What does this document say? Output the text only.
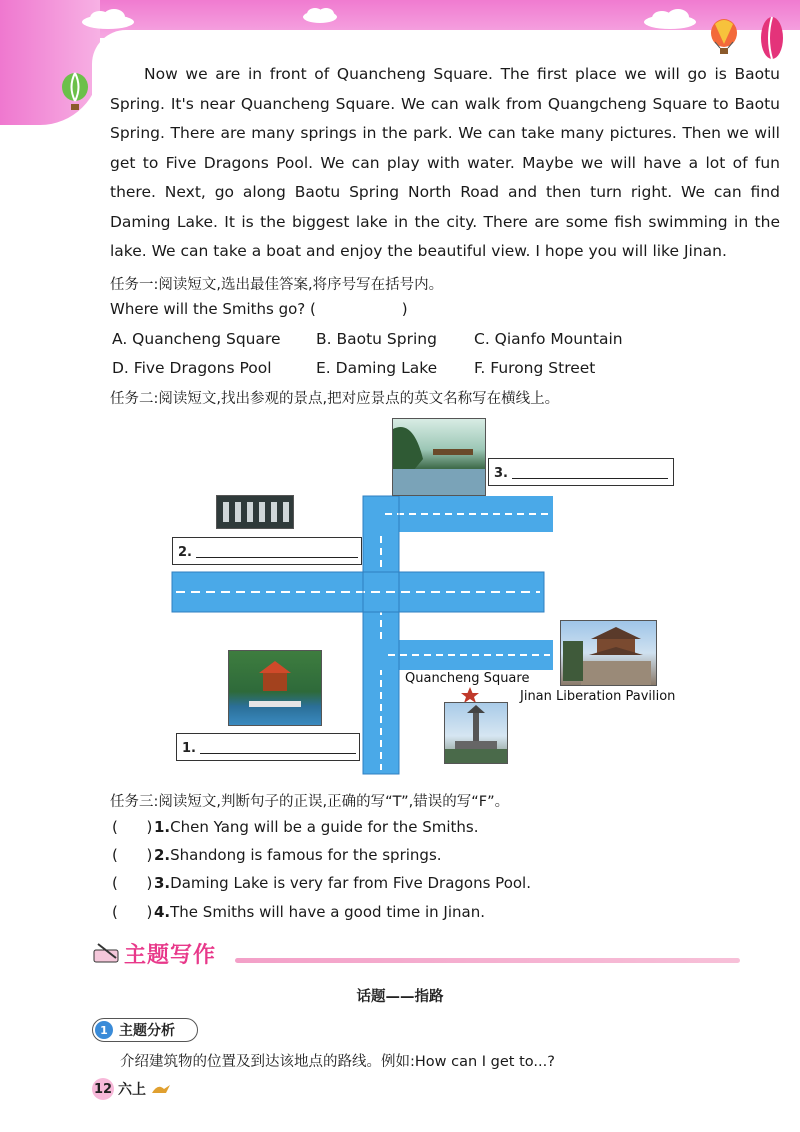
Now we are in front of Quancheng Square. The first place we will go is Baotu Spring. It's near Quancheng Square. We can walk from Quangcheng Square to Baotu Spring. There are many springs in the park. We can take many pictures. Then we will get to Five Dragons Pool. We can play with water. Maybe we will have a lot of fun there. Next, go along Baotu Spring North Road and then turn right. We can find Daming Lake. It is the biggest lake in the city. There are some fish swimming in the lake. We can take a boat and enjoy the beautiful view. I hope you will like Jinan.

任务一:阅读短文,选出最佳答案,将序号写在括号内。
Where will the Smiths go? (                  )
A. Quancheng Square B. Baotu Spring C. Qianfo Mountain
D. Five Dragons Pool	E. Daming Lake F. Furong Street
任务二:阅读短文,找出参观的景点,把对应景点的英文名称写在横线上。
3.
2.
1.
Quancheng Square
Jinan Liberation Pavilion
任务三:阅读短文,判断句子的正误,正确的写“T”,错误的写“F”。
(      ) 1.Chen Yang will be a guide for the Smiths.
(      ) 2.Shandong is famous for the springs.
(      ) 3.Daming Lake is very far from Five Dragons Pool.
(      ) 4.The Smiths will have a good time in Jinan.
主题写作
话题——指路
1 主题分析
介绍建筑物的位置及到达该地点的路线。例如:How can I get to...?
12 六上
